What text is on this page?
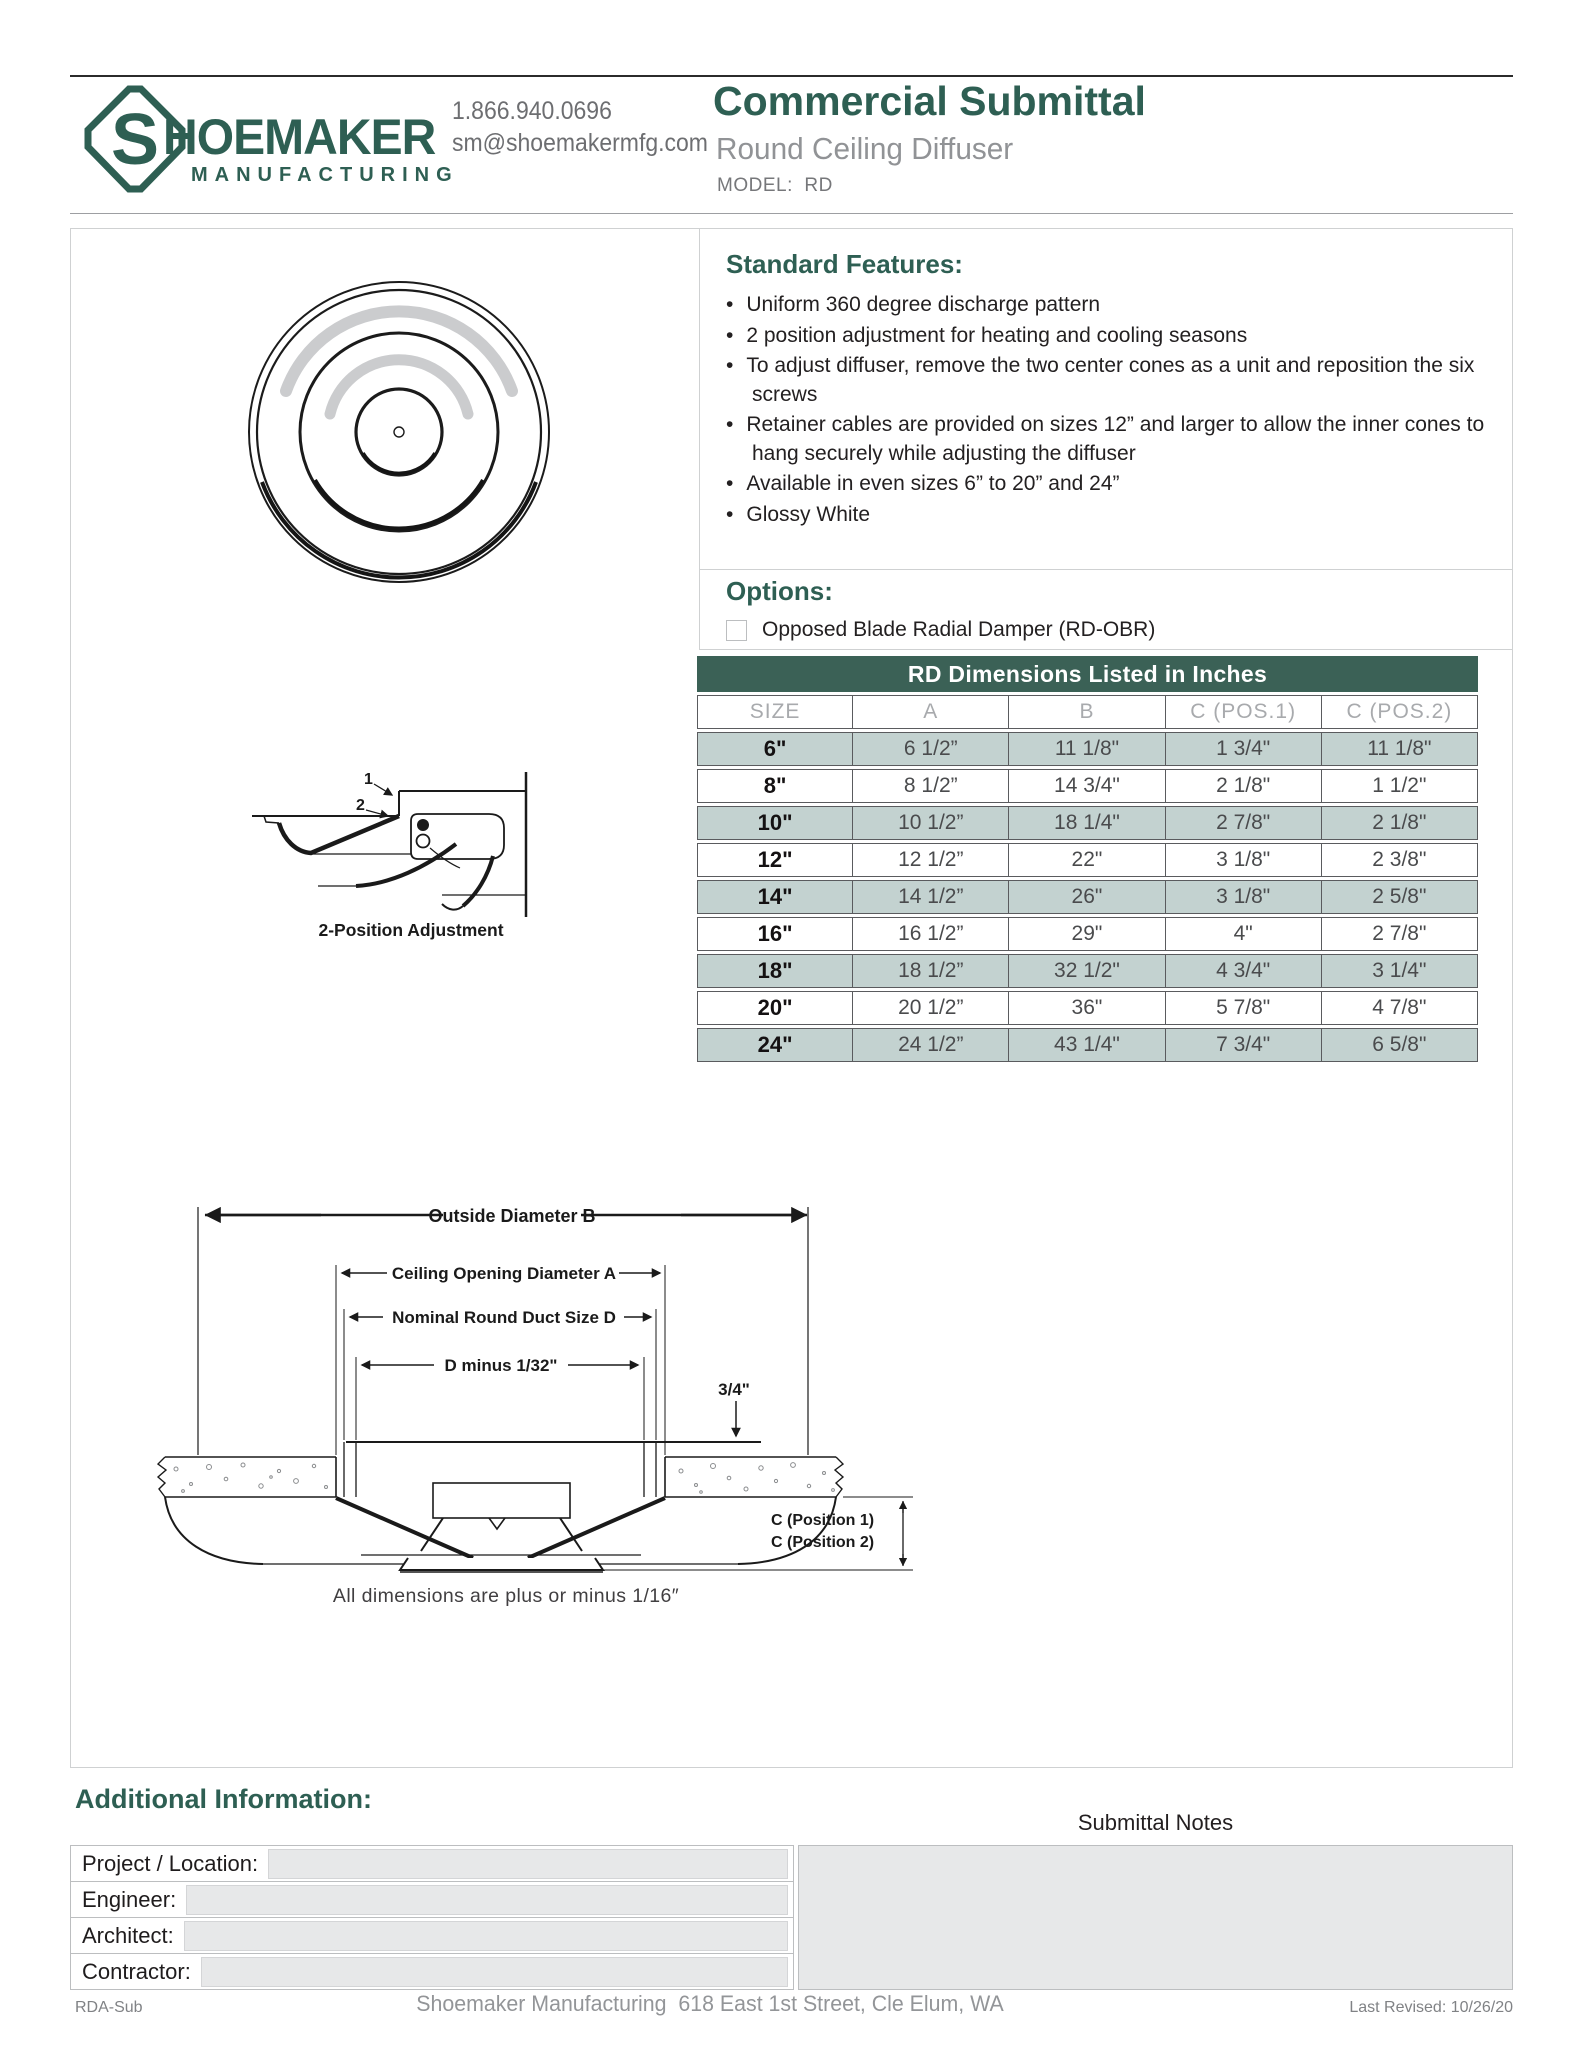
S HOEMAKER
MANUFACTURING
1.866.940.0696
sm@shoemakermfg.com
Commercial Submittal
Round Ceiling Diffuser
MODEL:  RD
Standard Features:
• Uniform 360 degree discharge pattern
• 2 position adjustment for heating and cooling seasons
• To adjust diffuser, remove the two center cones as a unit and reposition the six screws
• Retainer cables are provided on sizes 12” and larger to allow the inner cones to hang securely while adjusting the diffuser
• Available in even sizes 6” to 20” and 24”
• Glossy White
Options:
Opposed Blade Radial Damper (RD-OBR)
RD Dimensions Listed in Inches
SIZE	A	B	C (POS.1)	C (POS.2)
6"	6 1/2”	11 1/8"	1 3/4"	11 1/8"
8"	8 1/2”	14 3/4"	2 1/8"	1 1/2"
10"	10 1/2”	18 1/4"	2 7/8"	2 1/8"
12"	12 1/2”	22"	3 1/8"	2 3/8"
14"	14 1/2”	26"	3 1/8"	2 5/8"
16"	16 1/2”	29"	4"	2 7/8"
18"	18 1/2”	32 1/2"	4 3/4"	3 1/4"
20"	20 1/2”	36"	5 7/8"	4 7/8"
24"	24 1/2”	43 1/4"	7 3/4"	6 5/8"
1
2
2-Position Adjustment
Outside Diameter B
Ceiling Opening Diameter A
Nominal Round Duct Size D
D minus 1/32"
3/4"
C (Position 1)
C (Position 2)
All dimensions are plus or minus 1/16″
Additional Information:
Project / Location:
Engineer:
Architect:
Contractor:
Submittal Notes
RDA-Sub	Shoemaker Manufacturing  618 East 1st Street, Cle Elum, WA	Last Revised: 10/26/20
